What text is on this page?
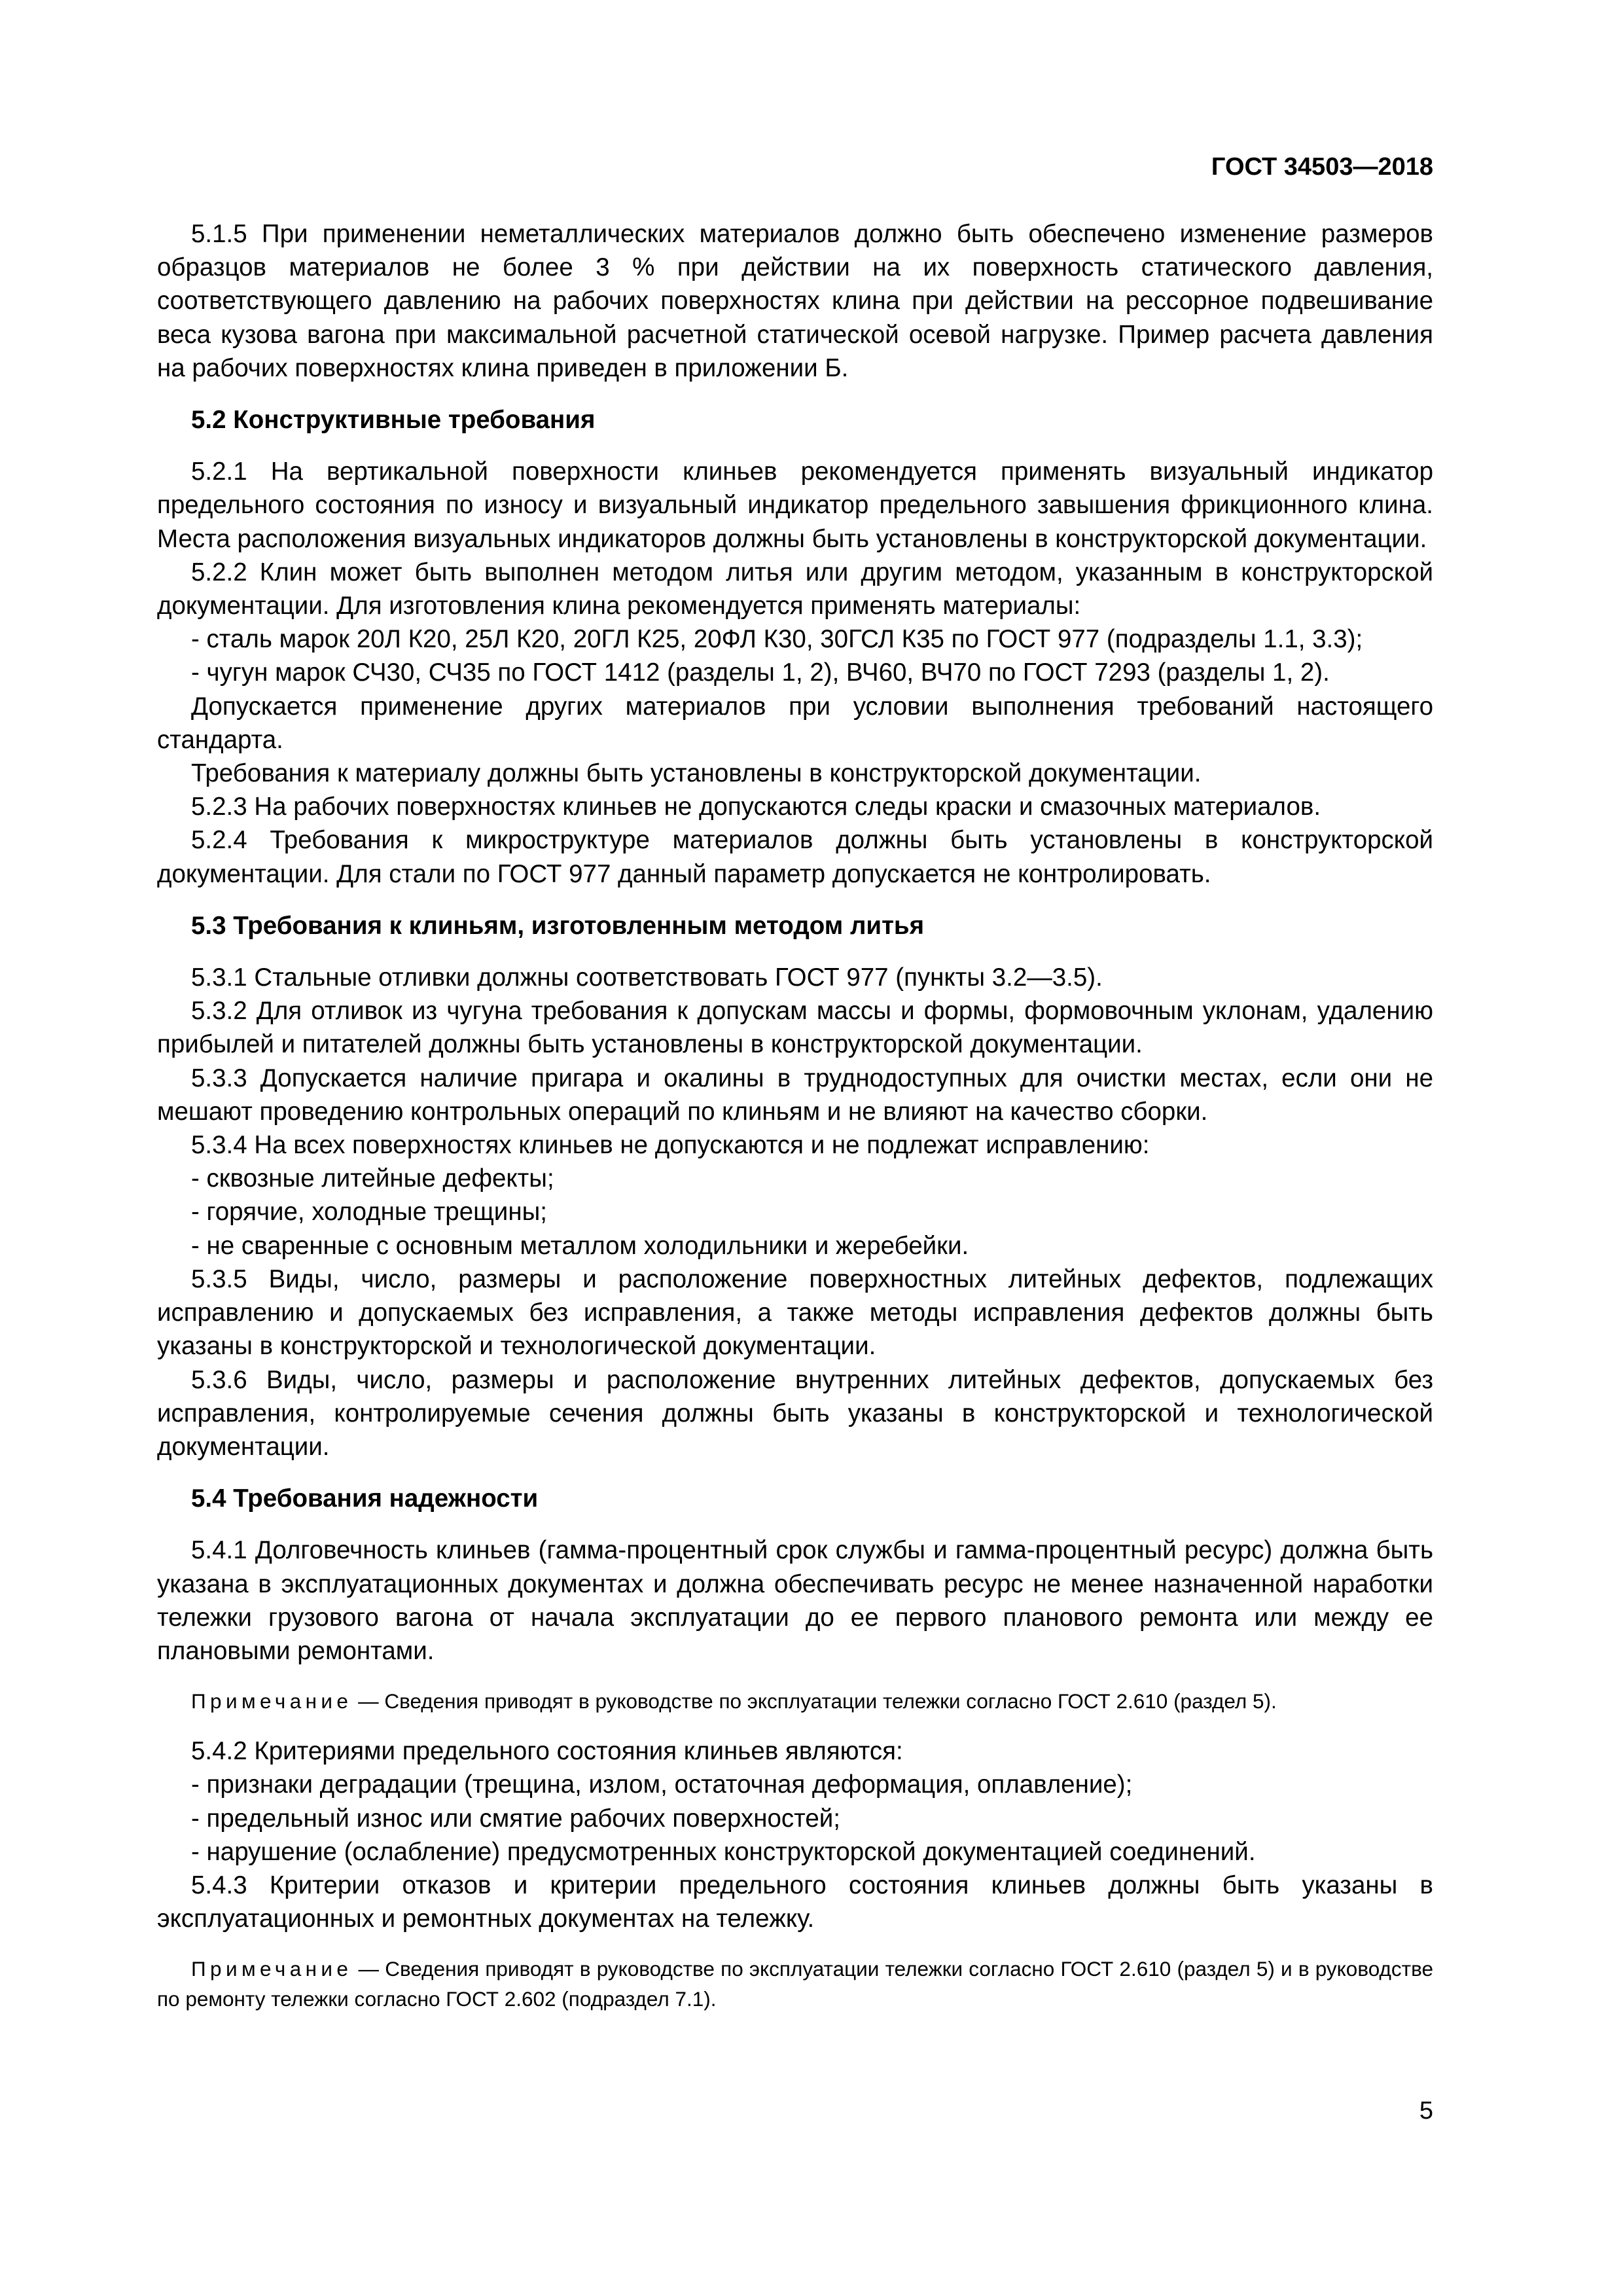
ГОСТ 34503—2018

5.1.5 При применении неметаллических материалов должно быть обеспечено изменение размеров образцов материалов не более 3 % при действии на их поверхность статического давления, соответствующего давлению на рабочих поверхностях клина при действии на рессорное подвешивание веса кузова вагона при максимальной расчетной статической осевой нагрузке. Пример расчета давления на рабочих поверхностях клина приведен в приложении Б.

5.2 Конструктивные требования

5.2.1 На вертикальной поверхности клиньев рекомендуется применять визуальный индикатор предельного состояния по износу и визуальный индикатор предельного завышения фрикционного клина. Места расположения визуальных индикаторов должны быть установлены в конструкторской документации.

5.2.2 Клин может быть выполнен методом литья или другим методом, указанным в конструкторской документации. Для изготовления клина рекомендуется применять материалы:

- сталь марок 20Л К20, 25Л К20, 20ГЛ К25, 20ФЛ К30, 30ГСЛ К35 по ГОСТ 977 (подразделы 1.1, 3.3);

- чугун марок СЧ30, СЧ35 по ГОСТ 1412 (разделы 1, 2), ВЧ60, ВЧ70 по ГОСТ 7293 (разделы 1, 2).

Допускается применение других материалов при условии выполнения требований настоящего стандарта.

Требования к материалу должны быть установлены в конструкторской документации.

5.2.3 На рабочих поверхностях клиньев не допускаются следы краски и смазочных материалов.

5.2.4 Требования к микроструктуре материалов должны быть установлены в конструкторской документации. Для стали по ГОСТ 977 данный параметр допускается не контролировать.

5.3 Требования к клиньям, изготовленным методом литья

5.3.1 Стальные отливки должны соответствовать ГОСТ 977 (пункты 3.2—3.5).

5.3.2 Для отливок из чугуна требования к допускам массы и формы, формовочным уклонам, удалению прибылей и питателей должны быть установлены в конструкторской документации.

5.3.3 Допускается наличие пригара и окалины в труднодоступных для очистки местах, если они не мешают проведению контрольных операций по клиньям и не влияют на качество сборки.

5.3.4 На всех поверхностях клиньев не допускаются и не подлежат исправлению:

- сквозные литейные дефекты;

- горячие, холодные трещины;

- не сваренные с основным металлом холодильники и жеребейки.

5.3.5 Виды, число, размеры и расположение поверхностных литейных дефектов, подлежащих исправлению и допускаемых без исправления, а также методы исправления дефектов должны быть указаны в конструкторской и технологической документации.

5.3.6 Виды, число, размеры и расположение внутренних литейных дефектов, допускаемых без исправления, контролируемые сечения должны быть указаны в конструкторской и технологической документации.

5.4 Требования надежности

5.4.1 Долговечность клиньев (гамма-процентный срок службы и гамма-процентный ресурс) должна быть указана в эксплуатационных документах и должна обеспечивать ресурс не менее назначенной наработки тележки грузового вагона от начала эксплуатации до ее первого планового ремонта или между ее плановыми ремонтами.

Примечание — Сведения приводят в руководстве по эксплуатации тележки согласно ГОСТ 2.610 (раздел 5).

5.4.2 Критериями предельного состояния клиньев являются:

- признаки деградации (трещина, излом, остаточная деформация, оплавление);

- предельный износ или смятие рабочих поверхностей;

- нарушение (ослабление) предусмотренных конструкторской документацией соединений.

5.4.3 Критерии отказов и критерии предельного состояния клиньев должны быть указаны в эксплуатационных и ремонтных документах на тележку.

Примечание — Сведения приводят в руководстве по эксплуатации тележки согласно ГОСТ 2.610 (раздел 5) и в руководстве по ремонту тележки согласно ГОСТ 2.602 (подраздел 7.1).

5
